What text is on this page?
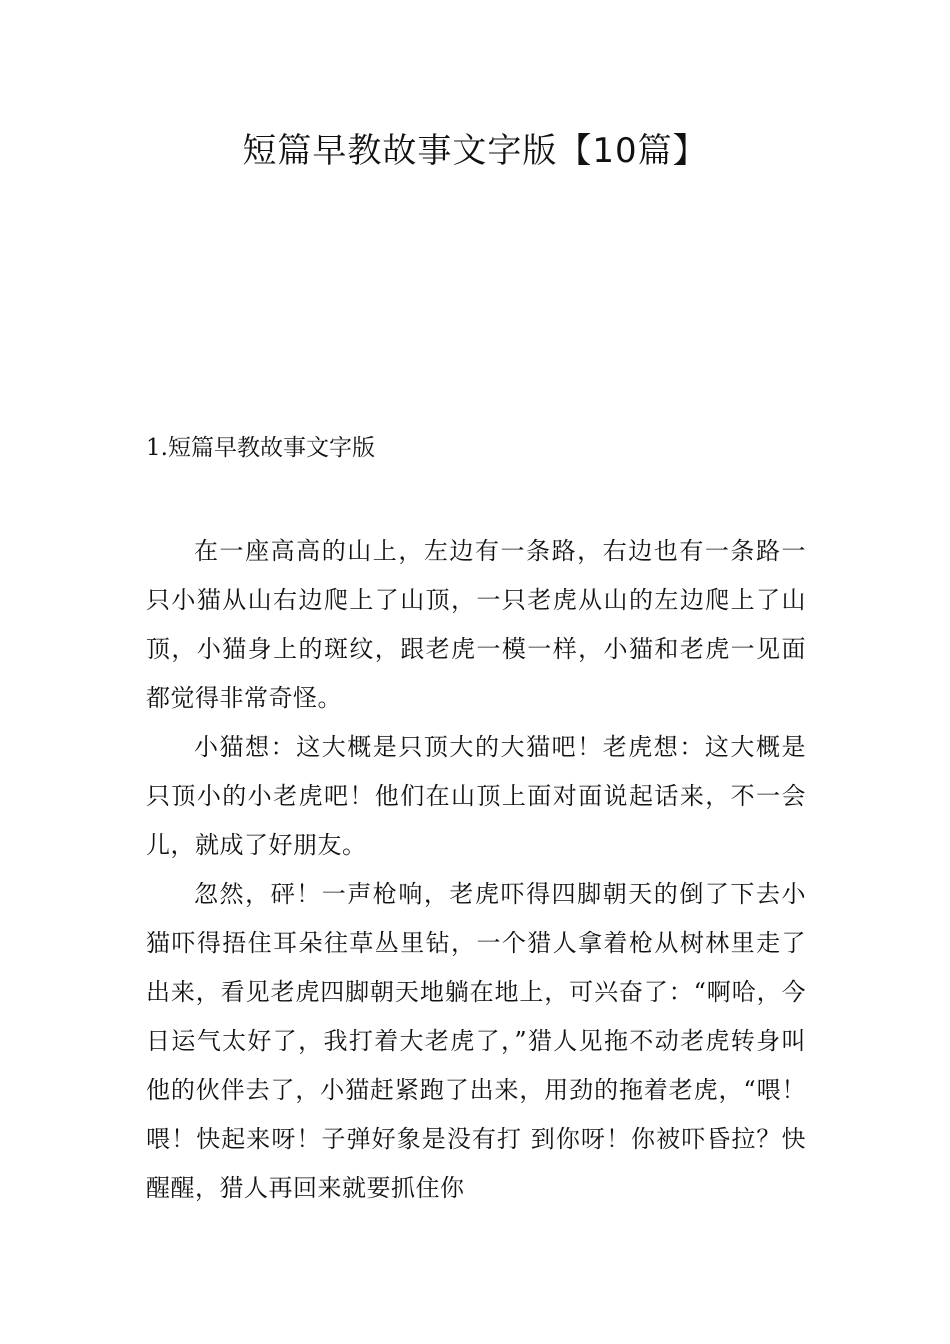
短篇早教故事文字版【10篇】
1.短篇早教故事文字版

在一座高高的山上，左边有一条路，右边也有一条路一只小猫从山右边爬上了山顶，一只老虎从山的左边爬上了山顶，小猫身上的斑纹，跟老虎一模一样，小猫和老虎一见面都觉得非常奇怪。

小猫想：这大概是只顶大的大猫吧！老虎想：这大概是只顶小的小老虎吧！他们在山顶上面对面说起话来，不一会儿，就成了好朋友。

忽然，砰！一声枪响，老虎吓得四脚朝天的倒了下去小猫吓得捂住耳朵往草丛里钻，一个猎人拿着枪从树林里走了出来，看见老虎四脚朝天地躺在地上，可兴奋了：“啊哈，今日运气太好了，我打着大老虎了，”猎人见拖不动老虎转身叫他的伙伴去了，小猫赶紧跑了出来，用劲的拖着老虎，“喂！喂！快起来呀！子弹好象是没有打 到你呀！你被吓昏拉？快醒醒，猎人再回来就要抓住你
